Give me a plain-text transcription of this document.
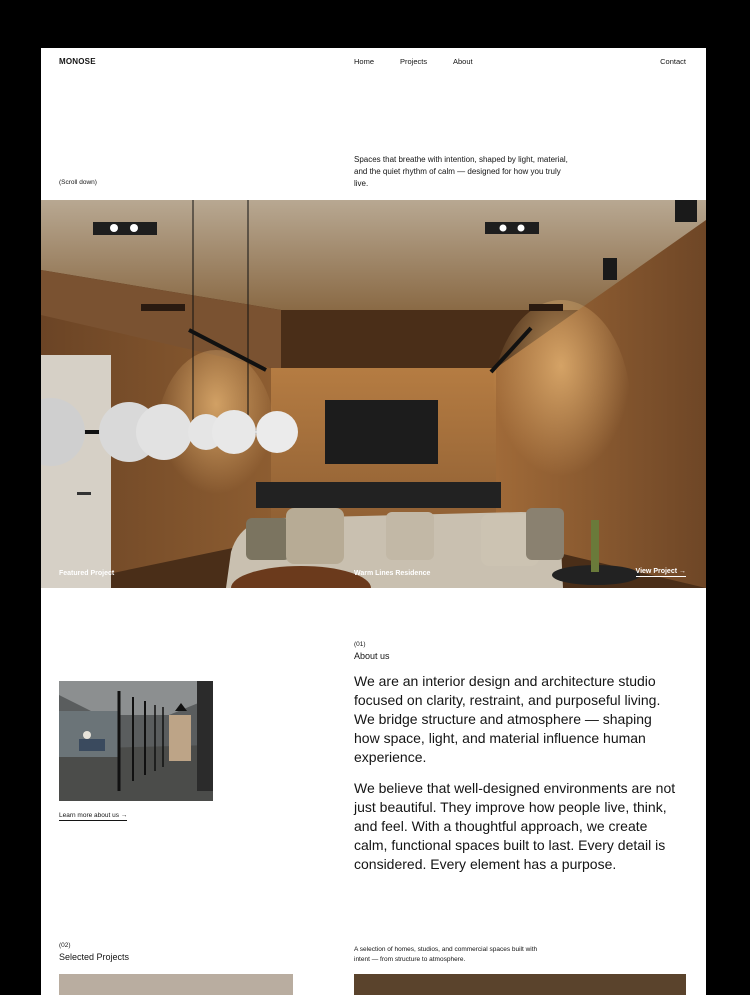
MONOSE	Home	Projects	About	Contact
(Scroll down)
Spaces that breathe with intention, shaped by light, material, and the quiet rhythm of calm — designed for how you truly live.
Featured Project	Warm Lines Residence	View Project →
(01)
About us
Learn more about us →

We are an interior design and architecture studio focused on clarity, restraint, and purposeful living. We bridge structure and atmosphere — shaping how space, light, and material influence human experience.

We believe that well-designed environments are not just beautiful. They improve how people live, think, and feel. With a thoughtful approach, we create calm, functional spaces built to last. Every detail is considered. Every element has a purpose.

(02)
Selected Projects
A selection of homes, studios, and commercial spaces built with intent — from structure to atmosphere.
